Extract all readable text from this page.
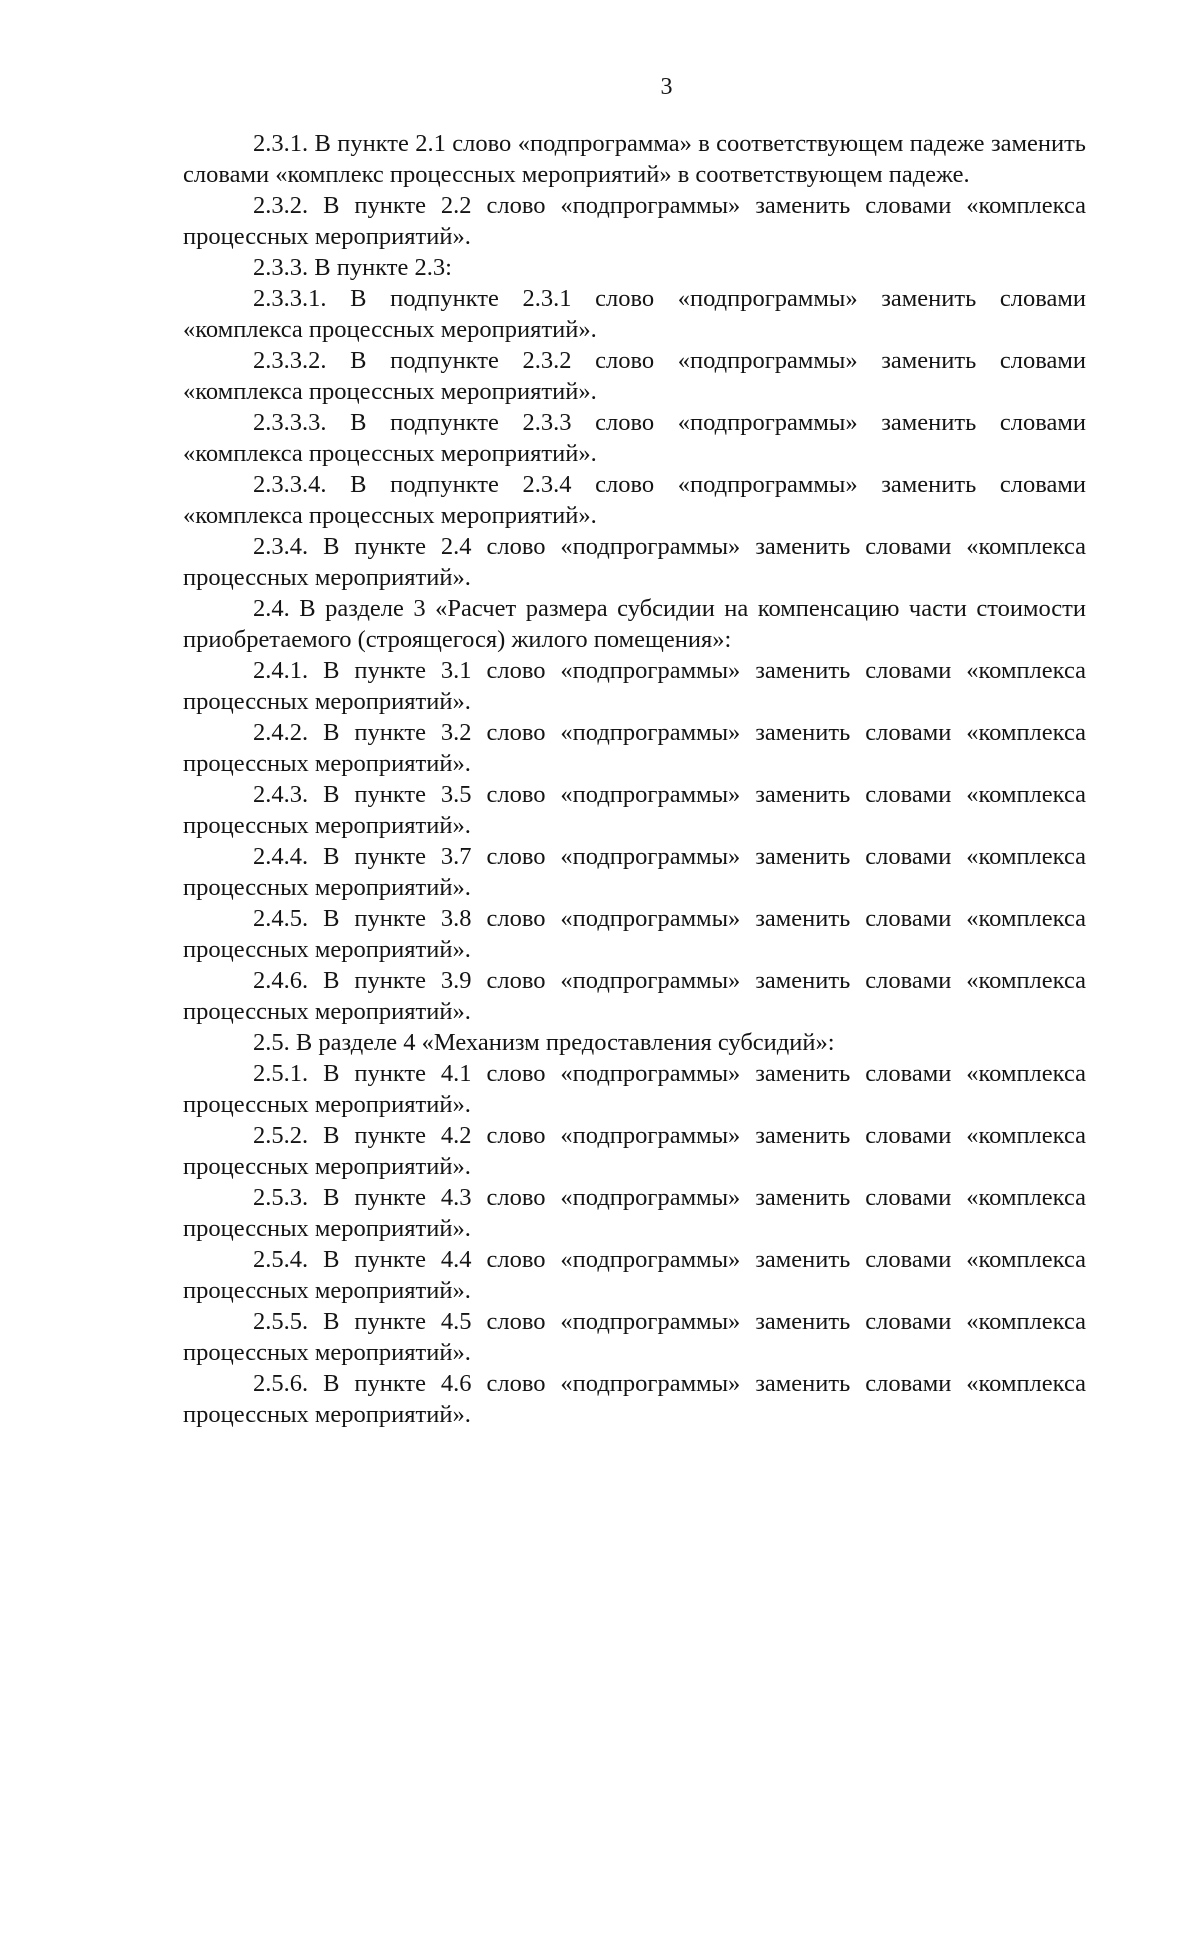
3

2.3.1. В пункте 2.1 слово «подпрограмма» в соответствующем падеже заменить словами «комплекс процессных мероприятий» в соответствующем падеже.

2.3.2. В пункте 2.2 слово «подпрограммы» заменить словами «комплекса процессных мероприятий».

2.3.3. В пункте 2.3:

2.3.3.1. В подпункте 2.3.1 слово «подпрограммы» заменить словами «комплекса процессных мероприятий».

2.3.3.2. В подпункте 2.3.2 слово «подпрограммы» заменить словами «комплекса процессных мероприятий».

2.3.3.3. В подпункте 2.3.3 слово «подпрограммы» заменить словами «комплекса процессных мероприятий».

2.3.3.4. В подпункте 2.3.4 слово «подпрограммы» заменить словами «комплекса процессных мероприятий».

2.3.4. В пункте 2.4 слово «подпрограммы» заменить словами «комплекса процессных мероприятий».

2.4. В разделе 3 «Расчет размера субсидии на компенсацию части стоимости приобретаемого (строящегося) жилого помещения»:

2.4.1. В пункте 3.1 слово «подпрограммы» заменить словами «комплекса процессных мероприятий».

2.4.2. В пункте 3.2 слово «подпрограммы» заменить словами «комплекса процессных мероприятий».

2.4.3. В пункте 3.5 слово «подпрограммы» заменить словами «комплекса процессных мероприятий».

2.4.4. В пункте 3.7 слово «подпрограммы» заменить словами «комплекса процессных мероприятий».

2.4.5. В пункте 3.8 слово «подпрограммы» заменить словами «комплекса процессных мероприятий».

2.4.6. В пункте 3.9 слово «подпрограммы» заменить словами «комплекса процессных мероприятий».

2.5. В разделе 4 «Механизм предоставления субсидий»:

2.5.1. В пункте 4.1 слово «подпрограммы» заменить словами «комплекса процессных мероприятий».

2.5.2. В пункте 4.2 слово «подпрограммы» заменить словами «комплекса процессных мероприятий».

2.5.3. В пункте 4.3 слово «подпрограммы» заменить словами «комплекса процессных мероприятий».

2.5.4. В пункте 4.4 слово «подпрограммы» заменить словами «комплекса процессных мероприятий».

2.5.5. В пункте 4.5 слово «подпрограммы» заменить словами «комплекса процессных мероприятий».

2.5.6. В пункте 4.6 слово «подпрограммы» заменить словами «комплекса процессных мероприятий».
